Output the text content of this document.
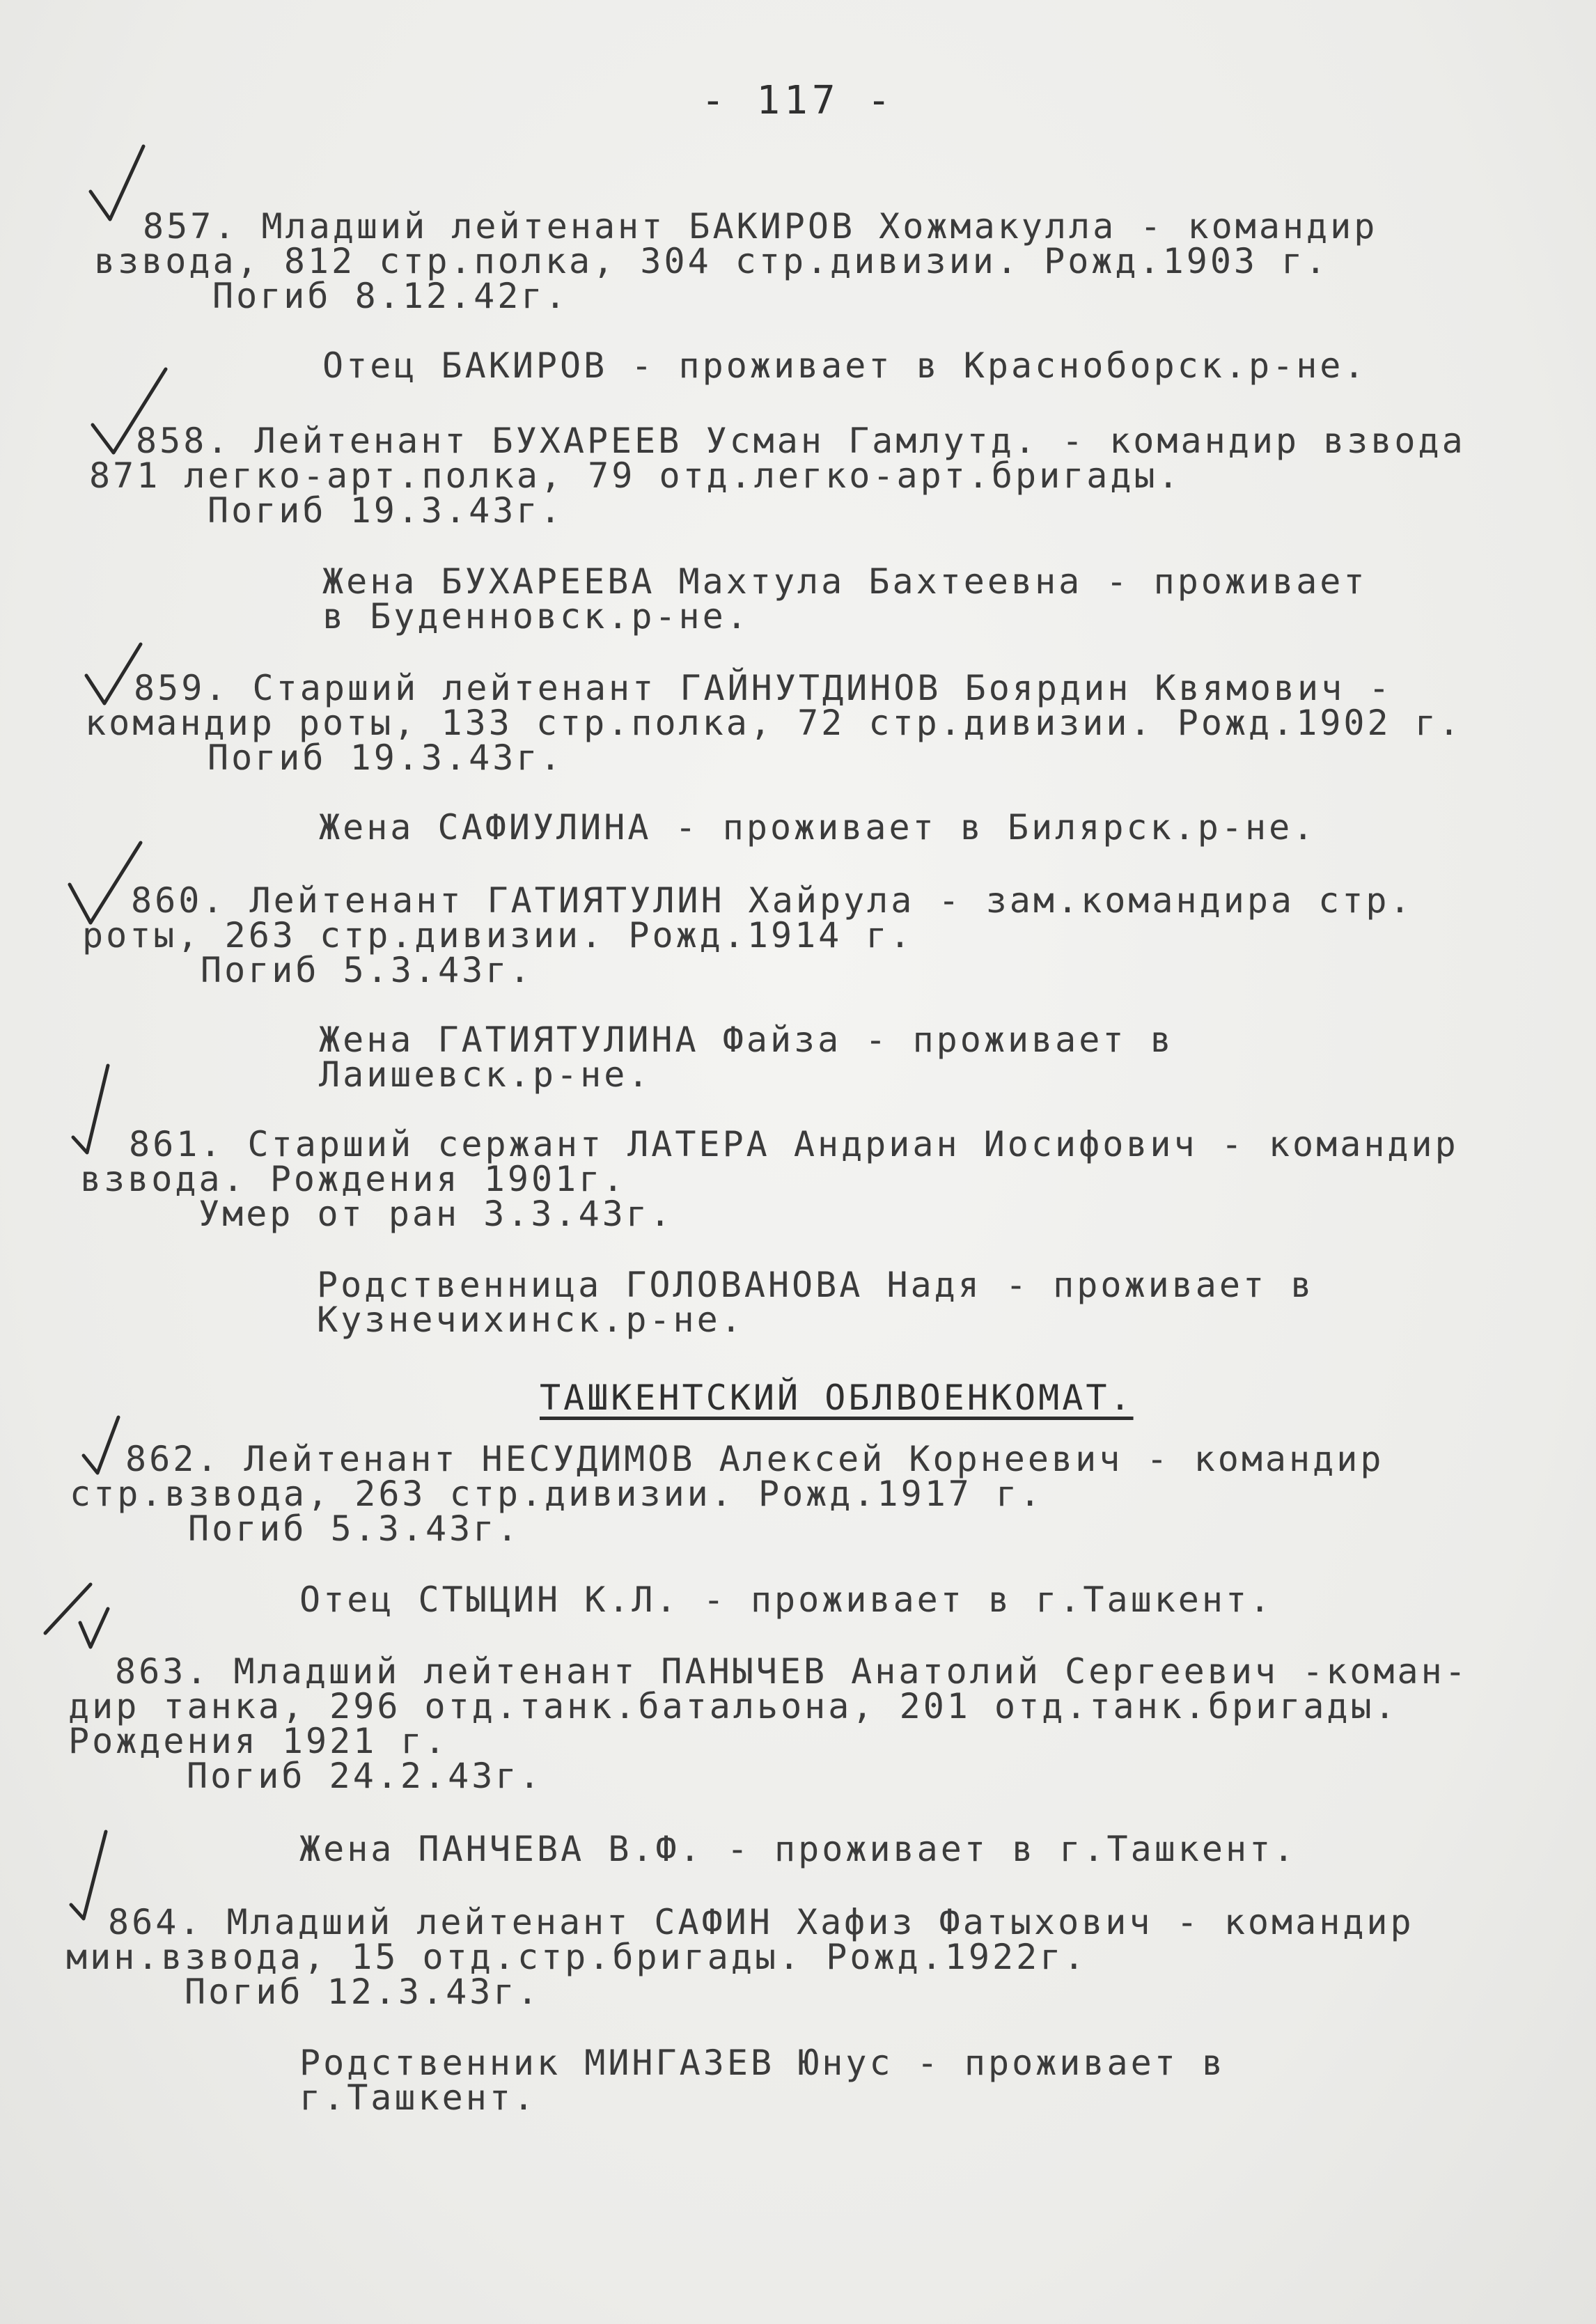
- 117 -
857. Младший лейтенант БАКИРОВ Хожмакулла - командир
взвода, 812 стр.полка, 304 стр.дивизии. Рожд.1903 г.
Погиб 8.12.42г.
Отец БАКИРОВ - проживает в Красноборск.р-не.
858. Лейтенант БУХАРЕЕВ Усман Гамлутд. - командир взвода
871 легко-арт.полка, 79 отд.легко-арт.бригады.
Погиб 19.3.43г.
Жена БУХАРЕЕВА Махтула Бахтеевна - проживает
в Буденновск.р-не.
859. Старший лейтенант ГАЙНУТДИНОВ Боярдин Квямович -
командир роты, 133 стр.полка, 72 стр.дивизии. Рожд.1902 г.
Погиб 19.3.43г.
Жена САФИУЛИНА - проживает в Билярск.р-не.
860. Лейтенант ГАТИЯТУЛИН Хайрула - зам.командира стр.
роты, 263 стр.дивизии. Рожд.1914 г.
Погиб 5.3.43г.
Жена ГАТИЯТУЛИНА Файза - проживает в
Лаишевск.р-не.
861. Старший сержант ЛАТЕРА Андриан Иосифович - командир
взвода. Рождения 1901г.
Умер от ран 3.3.43г.
Родственница ГОЛОВАНОВА Надя - проживает в
Кузнечихинск.р-не.
ТАШКЕНТСКИЙ ОБЛВОЕНКОМАТ.
862. Лейтенант НЕСУДИМОВ Алексей Корнеевич - командир
стр.взвода, 263 стр.дивизии. Рожд.1917 г.
Погиб 5.3.43г.
Отец СТЫЦИН К.Л. - проживает в г.Ташкент.
863. Младший лейтенант ПАНЫЧЕВ Анатолий Сергеевич -коман-
дир танка, 296 отд.танк.батальона, 201 отд.танк.бригады.
Рождения 1921 г.
Погиб 24.2.43г.
Жена ПАНЧЕВА В.Ф. - проживает в г.Ташкент.
864. Младший лейтенант САФИН Хафиз Фатыхович - командир
мин.взвода, 15 отд.стр.бригады. Рожд.1922г.
Погиб 12.3.43г.
Родственник МИНГАЗЕВ Юнус - проживает в
г.Ташкент.
